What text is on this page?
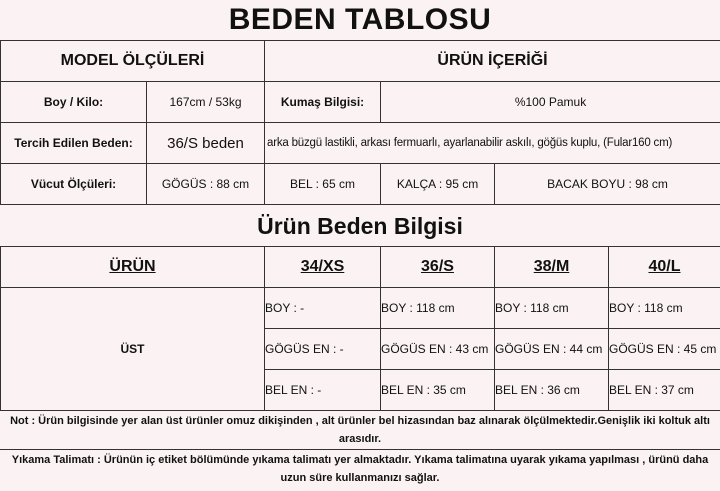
BEDEN TABLOSU
MODEL ÖLÇÜLERİ		ÜRÜN İÇERİĞİ		
Boy / Kilo:	167cm / 53kg	Kumaş Bilgisi:	%100 Pamuk	
Tercih Edilen Beden:	36/S beden	arka büzgü lastikli, arkası fermuarlı, ayarlanabilir askılı, göğüs kuplu, (Fular160 cm)		
Vücut Ölçüleri:	GÖGÜS : 88 cm	BEL : 65 cm	KALÇA : 95 cm	BACAK BOYU : 98 cm
Ürün Beden Bilgisi
ÜRÜN	34/XS	36/S	38/M	40/L
ÜST	BOY : -	BOY : 118 cm	BOY : 118 cm	BOY : 118 cm
	GÖGÜS EN : -	GÖGÜS EN : 43 cm	GÖGÜS EN : 44 cm	GÖGÜS EN : 45 cm
	BEL EN : -	BEL EN : 35 cm	BEL EN : 36 cm	BEL EN : 37 cm
Not : Ürün bilgisinde yer alan üst ürünler omuz dikişinden , alt ürünler bel hizasından baz alınarak ölçülmektedir.Genişlik iki koltuk altı arasıdır.
Yıkama Talimatı : Ürünün iç etiket bölümünde yıkama talimatı yer almaktadır. Yıkama talimatına uyarak yıkama yapılması , ürünü daha uzun süre kullanmanızı sağlar.
